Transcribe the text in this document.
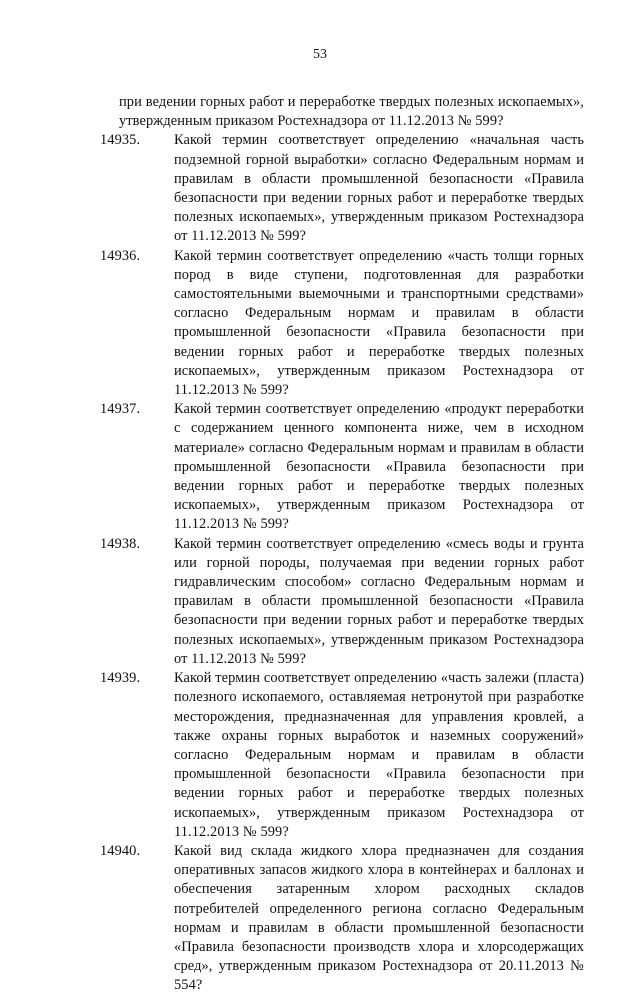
53

при ведении горных работ и переработке твердых полезных ископаемых», утвержденным приказом Ростехнадзора от 11.12.2013 № 599?

14935.	Какой термин соответствует определению «начальная часть подземной горной выработки» согласно Федеральным нормам и правилам в области промышленной безопасности «Правила безопасности при ведении горных работ и переработке твердых полезных ископаемых», утвержденным приказом Ростехнадзора от 11.12.2013 № 599?
14936.	Какой термин соответствует определению «часть толщи горных пород в виде ступени, подготовленная для разработки самостоятельными выемочными и транспортными средствами» согласно Федеральным нормам и правилам в области промышленной безопасности «Правила безопасности при ведении горных работ и переработке твердых полезных ископаемых», утвержденным приказом Ростехнадзора от 11.12.2013 № 599?
14937.	Какой термин соответствует определению «продукт переработки с содержанием ценного компонента ниже, чем в исходном материале» согласно Федеральным нормам и правилам в области промышленной безопасности «Правила безопасности при ведении горных работ и переработке твердых полезных ископаемых», утвержденным приказом Ростехнадзора от 11.12.2013 № 599?
14938.	Какой термин соответствует определению «смесь воды и грунта или горной породы, получаемая при ведении горных работ гидравлическим способом» согласно Федеральным нормам и правилам в области промышленной безопасности «Правила безопасности при ведении горных работ и переработке твердых полезных ископаемых», утвержденным приказом Ростехнадзора от 11.12.2013 № 599?
14939.	Какой термин соответствует определению «часть залежи (пласта) полезного ископаемого, оставляемая нетронутой при разработке месторождения, предназначенная для управления кровлей, а также охраны горных выработок и наземных сооружений» согласно Федеральным нормам и правилам в области промышленной безопасности «Правила безопасности при ведении горных работ и переработке твердых полезных ископаемых», утвержденным приказом Ростехнадзора от 11.12.2013 № 599?
14940.	Какой вид склада жидкого хлора предназначен для создания оперативных запасов жидкого хлора в контейнерах и баллонах и обеспечения затаренным хлором расходных складов потребителей определенного региона согласно Федеральным нормам и правилам в области промышленной безопасности «Правила безопасности производств хлора и хлорсодержащих сред», утвержденным приказом Ростехнадзора от 20.11.2013 № 554?
